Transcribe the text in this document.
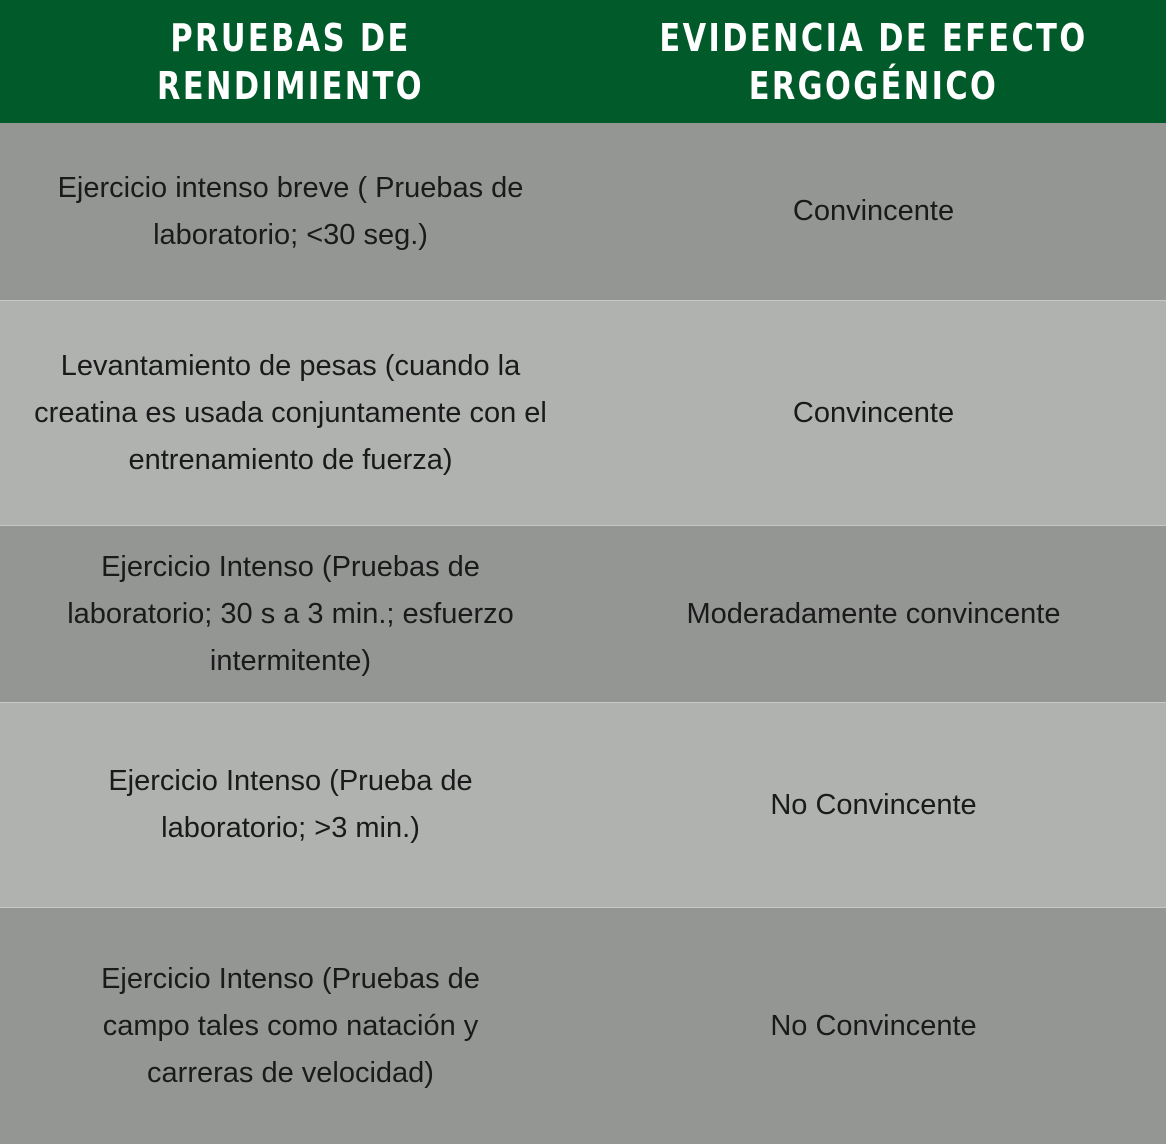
PRUEBAS DE RENDIMIENTO
EVIDENCIA DE EFECTO ERGOGÉNICO
Ejercicio intenso breve ( Pruebas de laboratorio; <30 seg.)
Convincente
Levantamiento de pesas (cuando la creatina es usada conjuntamente con el entrenamiento de fuerza)
Convincente
Ejercicio Intenso (Pruebas de laboratorio; 30 s a 3 min.; esfuerzo intermitente)
Moderadamente convincente
Ejercicio Intenso (Prueba de laboratorio; >3 min.)
No Convincente
Ejercicio Intenso (Pruebas de campo tales como natación y carreras de velocidad)
No Convincente
